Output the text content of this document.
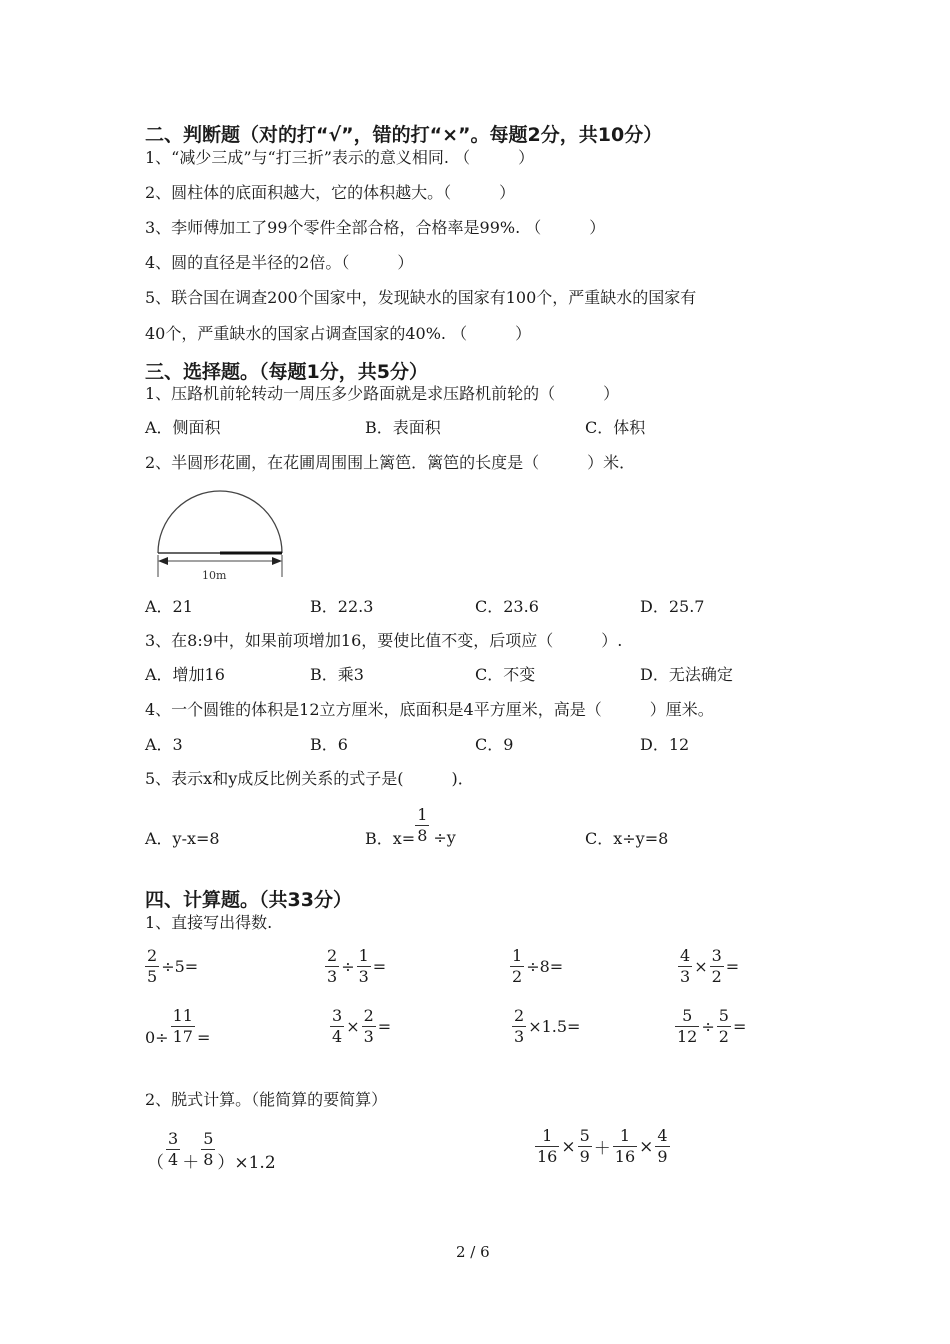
二、判断题（对的打“√”，错的打“×”。每题2分，共10分）
1、“减少三成”与“打三折”表示的意义相同. （　　　）
2、圆柱体的底面积越大，它的体积越大。（　　　）
3、李师傅加工了99个零件全部合格，合格率是99%. （　　　）
4、圆的直径是半径的2倍。（　　　）
5、联合国在调查200个国家中，发现缺水的国家有100个，严重缺水的国家有
40个，严重缺水的国家占调查国家的40%. （　　　）
三、选择题。（每题1分，共5分）
1、压路机前轮转动一周压多少路面就是求压路机前轮的（　　　）
A．侧面积	B．表面积	C．体积
2、半圆形花圃，在花圃周围围上篱笆．篱笆的长度是（　　　）米．
10m
A．21	B．22.3	C．23.6	D．25.7
3、在8:9中，如果前项增加16，要使比值不变，后项应（　　　）.
A．增加16	B．乘3	C．不变	D．无法确定
4、一个圆锥的体积是12立方厘米，底面积是4平方厘米，高是（　　　）厘米。
A．3	B．6	C．9	D．12
5、表示x和y成反比例关系的式子是(　　　)．
A．y-x=8	B．$x= \frac{1}{8} \div y$	C．x÷y=8
四、计算题。（共33分）
1、直接写出得数.
$\frac{2}{5} \div 5=$	$\frac{2}{3} \div \frac{1}{3}$ =	$\frac{1}{2} \div 8=$	$\frac{4}{3} \times \frac{3}{2}$ =
$0\div \frac{11}{17}$ =	$\frac{3}{4} \times \frac{2}{3}$ =	$\frac{2}{3} \times 1.5=$	$\frac{5}{12} \div \frac{5}{2}$ =
2、脱式计算。（能简算的要简算）
（ $\frac{3}{4} + \frac{5}{8} )\times 1.2$	$\frac{1}{16} \times \frac{5}{9} + \frac{1}{16} \times \frac{4}{9}$
2 / 6
